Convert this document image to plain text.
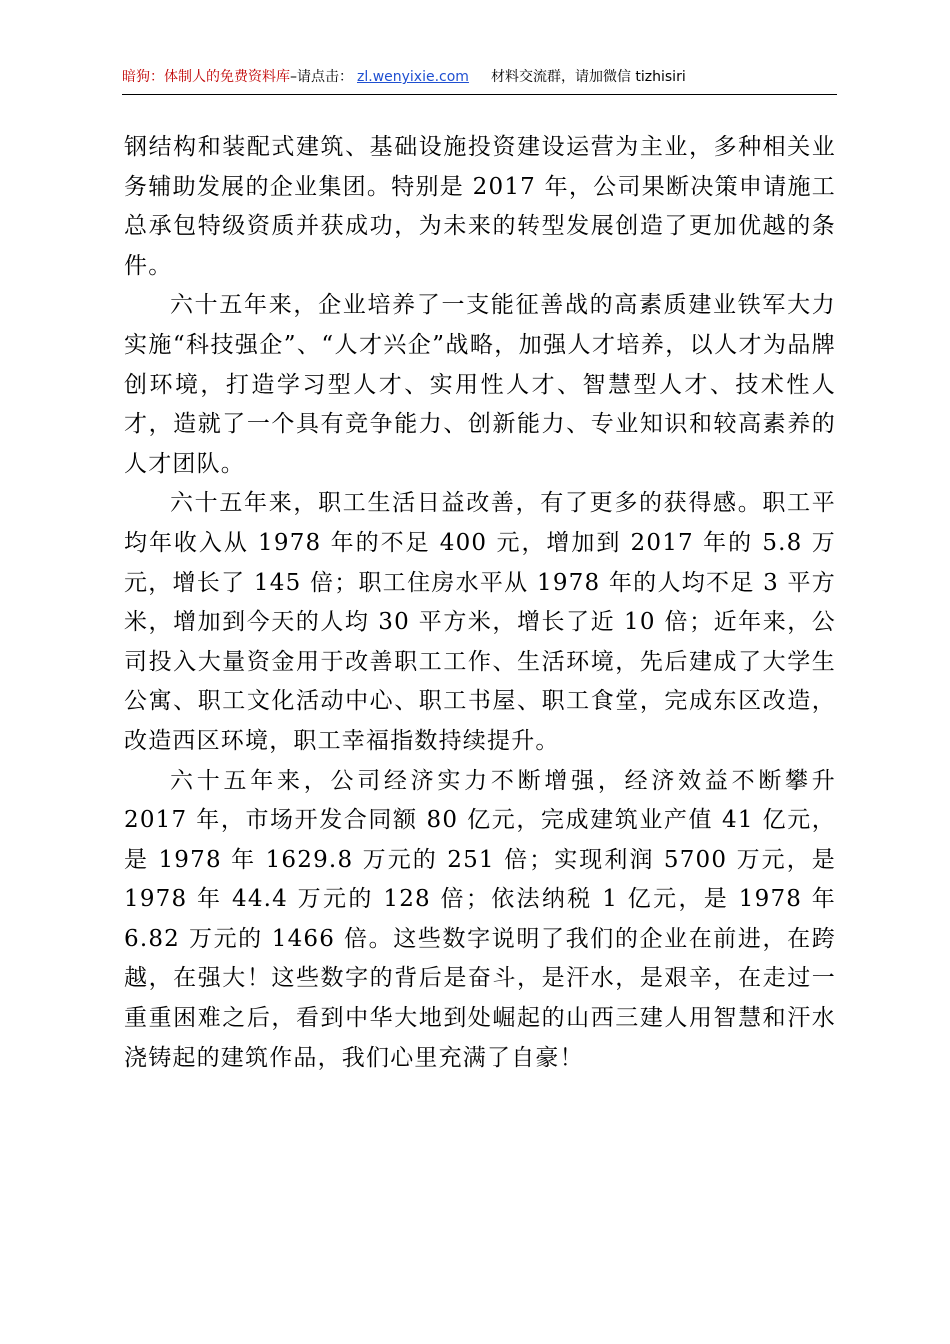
暗狗：体制人的免费资料库–请点击： zl.wenyixie.com 材料交流群，请加微信 tizhisiri

钢结构和装配式建筑、基础设施投资建设运营为主业，多种相关业务辅助发展的企业集团。特别是 2017 年，公司果断决策申请施工总承包特级资质并获成功，为未来的转型发展创造了更加优越的条件。

六十五年来，企业培养了一支能征善战的高素质建业铁军大力实施“科技强企”、“人才兴企”战略，加强人才培养，以人才为品牌创环境，打造学习型人才、实用性人才、智慧型人才、技术性人才，造就了一个具有竞争能力、创新能力、专业知识和较高素养的人才团队。

六十五年来，职工生活日益改善，有了更多的获得感。职工平均年收入从 1978 年的不足 400 元，增加到 2017 年的 5.8 万元，增长了 145 倍；职工住房水平从 1978 年的人均不足 3 平方米，增加到今天的人均 30 平方米，增长了近 10 倍；近年来，公司投入大量资金用于改善职工工作、生活环境，先后建成了大学生公寓、职工文化活动中心、职工书屋、职工食堂，完成东区改造，改造西区环境，职工幸福指数持续提升。

六十五年来，公司经济实力不断增强，经济效益不断攀升 2017 年，市场开发合同额 80 亿元，完成建筑业产值 41 亿元，是 1978 年 1629.8 万元的 251 倍；实现利润 5700 万元，是 1978 年 44.4 万元的 128 倍；依法纳税 1 亿元，是 1978 年 6.82 万元的 1466 倍。这些数字说明了我们的企业在前进，在跨越，在强大！这些数字的背后是奋斗，是汗水，是艰辛，在走过一重重困难之后，看到中华大地到处崛起的山西三建人用智慧和汗水浇铸起的建筑作品，我们心里充满了自豪！
